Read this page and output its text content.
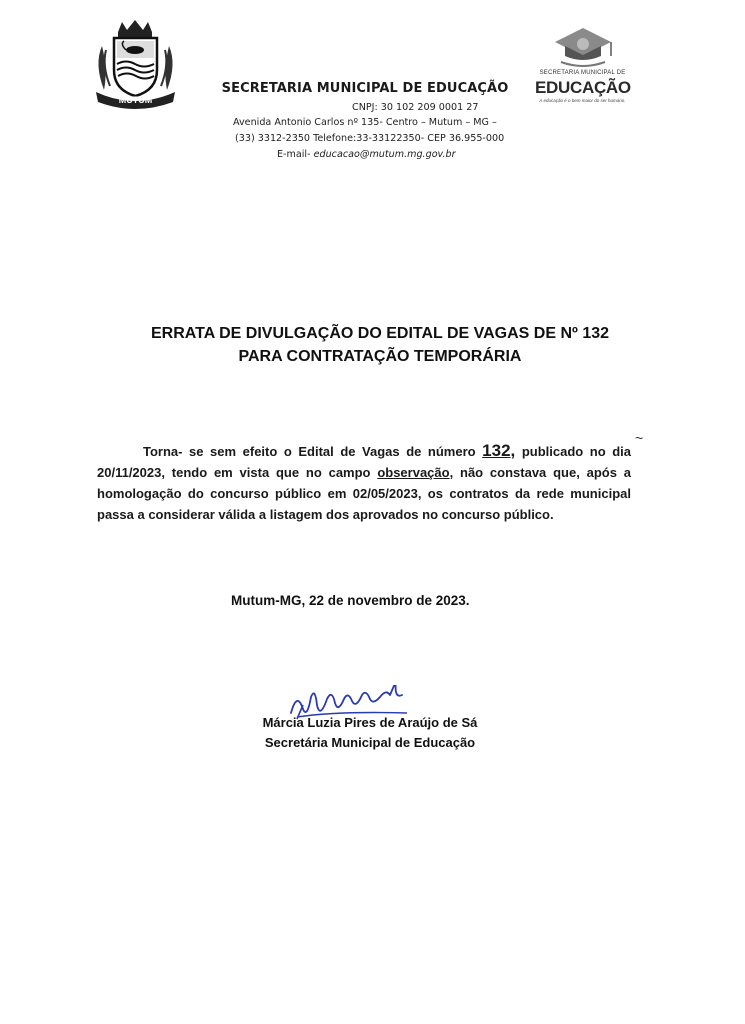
MUTUM
SECRETARIA MUNICIPAL DE
EDUCAÇÃO
A educação é o bem maior do ser humano.
SECRETARIA MUNICIPAL DE EDUCAÇÃO
CNPJ: 30 102 209 0001 27
Avenida Antonio Carlos nº 135- Centro – Mutum – MG –
(33) 3312-2350 Telefone:33-33122350- CEP 36.955-000
E-mail- educacao@mutum.mg.gov.br
ERRATA DE DIVULGAÇÃO DO EDITAL DE VAGAS DE Nº 132
PARA CONTRATAÇÃO TEMPORÁRIA
Torna- se sem efeito o Edital de Vagas de número 132, publicado no dia 20/11/2023, tendo em vista que no campo observação, não constava que, após a homologação do concurso público em 02/05/2023, os contratos da rede municipal passa a considerar válida a listagem dos aprovados no concurso público.
~
Mutum-MG, 22 de novembro de 2023.
Márcia Luzia Pires de Araújo de Sá
Secretária Municipal de Educação
